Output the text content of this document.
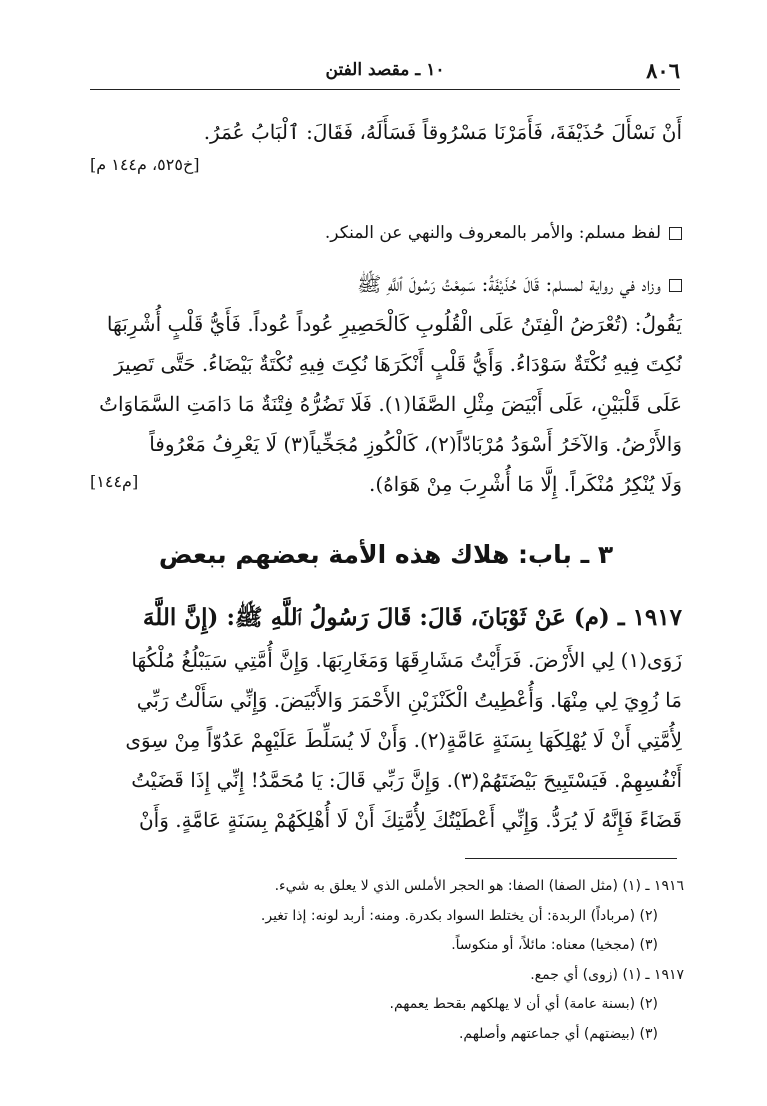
٨٠٦
١٠ ـ مقصد الفتن
أَنْ نَسْأَلَ حُذَيْفَةَ، فَأَمَرْنَا مَسْرُوقاً فَسَأَلَهُ، فَقَالَ: ٱلْبَابُ عُمَرُ.
[خ٥٢٥، م١٤٤ م]
لفظ مسلم: والأمر بالمعروف والنهي عن المنكر.
وزاد في رواية لمسلم: قَالَ حُذَيْفَةُ: سَمِعْتُ رَسُولَ ٱللَّهِ ﷺ
يَقُولُ: (تُعْرَضُ الْفِتَنُ عَلَى الْقُلُوبِ كَالْحَصِيرِ عُوداً عُوداً. فَأَيُّ قَلْبٍ أُشْرِبَهَا
نُكِتَ فِيهِ نُكْتَةٌ سَوْدَاءُ. وَأَيُّ قَلْبٍ أَنْكَرَهَا نُكِتَ فِيهِ نُكْتَةٌ بَيْضَاءُ. حَتَّى تَصِيرَ
عَلَى قَلْبَيْنِ، عَلَى أَبْيَضَ مِثْلِ الصَّفَا(١). فَلَا تَضُرُّهُ فِتْنَةٌ مَا دَامَتِ السَّمَاوَاتُ
وَالأَرْضُ. وَالآخَرُ أَسْوَدُ مُرْبَادّاً(٢)، كَالْكُوزِ مُجَخِّياً(٣) لَا يَعْرِفُ مَعْرُوفاً
وَلَا يُنْكِرُ مُنْكَراً. إِلَّا مَا أُشْرِبَ مِنْ هَوَاهُ).
[م١٤٤]
٣ ـ باب: هلاك هذه الأمة بعضهم ببعض
١٩١٧ ـ (م) عَنْ ثَوْبَانَ، قَالَ: قَالَ رَسُولُ ٱللَّهِ ﷺ: (إِنَّ اللَّهَ
زَوَى(١) لِي الأَرْضَ. فَرَأَيْتُ مَشَارِقَهَا وَمَغَارِبَهَا. وَإِنَّ أُمَّتِي سَيَبْلُغُ مُلْكُهَا
مَا زُوِيَ لِي مِنْهَا. وَأُعْطِيتُ الْكَنْزَيْنِ الأَحْمَرَ وَالأَبْيَضَ. وَإِنِّي سَأَلْتُ رَبِّي
لِأُمَّتِي أَنْ لَا يُهْلِكَهَا بِسَنَةٍ عَامَّةٍ(٢). وَأَنْ لَا يُسَلِّطَ عَلَيْهِمْ عَدُوّاً مِنْ سِوَى
أَنْفُسِهِمْ. فَيَسْتَبِيحَ بَيْضَتَهُمْ(٣). وَإِنَّ رَبِّي قَالَ: يَا مُحَمَّدُ! إِنِّي إِذَا قَضَيْتُ
قَضَاءً فَإِنَّهُ لَا يُرَدُّ. وَإِنِّي أَعْطَيْتُكَ لِأُمَّتِكَ أَنْ لَا أُهْلِكَهُمْ بِسَنَةٍ عَامَّةٍ. وَأَنْ
١٩١٦ ـ (١) (مثل الصفا) الصفا: هو الحجر الأملس الذي لا يعلق به شيء.
(٢) (مرباداً) الربدة: أن يختلط السواد بكدرة. ومنه: أربد لونه: إذا تغير.
(٣) (مجخيا) معناه: مائلاً، أو منكوساً.
١٩١٧ ـ (١) (زوى) أي جمع.
(٢) (بسنة عامة) أي أن لا يهلكهم بقحط يعمهم.
(٣) (بيضتهم) أي جماعتهم وأصلهم.
